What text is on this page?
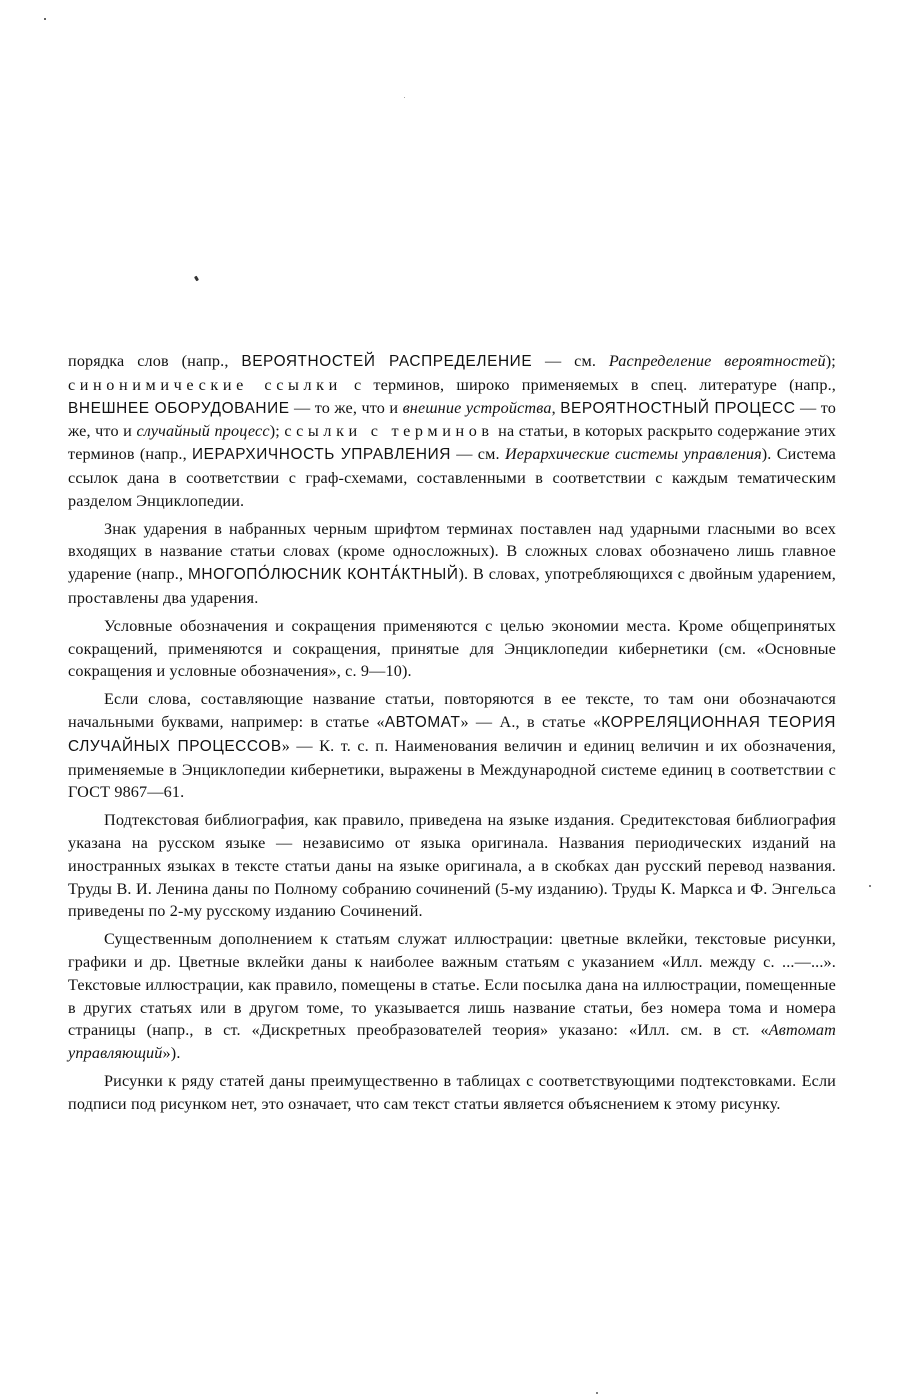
порядка слов (напр., ВЕРОЯТНОСТЕЙ РАСПРЕДЕЛЕНИЕ — см. Распределение вероятностей); синонимические ссылки с терминов, широко применяемых в спец. литературе (напр., ВНЕШНЕЕ ОБОРУДОВАНИЕ — то же, что и внешние устройства, ВЕРОЯТНОСТНЫЙ ПРОЦЕСС — то же, что и случайный процесс); ссылки с терминов на статьи, в которых раскрыто содержание этих терминов (напр., ИЕРАРХИЧНОСТЬ УПРАВЛЕНИЯ — см. Иерархические системы управления). Система ссылок дана в соответствии с граф-схемами, составленными в соответствии с каждым тематическим разделом Энциклопедии.

Знак ударения в набранных черным шрифтом терминах поставлен над ударными гласными во всех входящих в название статьи словах (кроме односложных). В сложных словах обозначено лишь главное ударение (напр., МНОГОПО́ЛЮСНИК КОНТА́КТНЫЙ). В словах, употребляющихся с двойным ударением, проставлены два ударения.

Условные обозначения и сокращения применяются с целью экономии места. Кроме общепринятых сокращений, применяются и сокращения, принятые для Энциклопедии кибернетики (см. «Основные сокращения и условные обозначения», с. 9—10).

Если слова, составляющие название статьи, повторяются в ее тексте, то там они обозначаются начальными буквами, например: в статье «АВТОМАТ» — А., в статье «КОРРЕЛЯЦИОННАЯ ТЕОРИЯ СЛУЧАЙНЫХ ПРОЦЕССОВ» — К. т. с. п. Наименования величин и единиц величин и их обозначения, применяемые в Энциклопедии кибернетики, выражены в Международной системе единиц в соответствии с ГОСТ 9867—61.

Подтекстовая библиография, как правило, приведена на языке издания. Средитекстовая библиография указана на русском языке — независимо от языка оригинала. Названия периодических изданий на иностранных языках в тексте статьи даны на языке оригинала, а в скобках дан русский перевод названия. Труды В. И. Ленина даны по Полному собранию сочинений (5-му изданию). Труды К. Маркса и Ф. Энгельса приведены по 2-му русскому изданию Сочинений.

Существенным дополнением к статьям служат иллюстрации: цветные вклейки, текстовые рисунки, графики и др. Цветные вклейки даны к наиболее важным статьям с указанием «Илл. между с. ...—...». Текстовые иллюстрации, как правило, помещены в статье. Если посылка дана на иллюстрации, помещенные в других статьях или в другом томе, то указывается лишь название статьи, без номера тома и номера страницы (напр., в ст. «Дискретных преобразователей теория» указано: «Илл. см. в ст. «Автомат управляющий»).

Рисунки к ряду статей даны преимущественно в таблицах с соответствующими подтекстовками. Если подписи под рисунком нет, это означает, что сам текст статьи является объяснением к этому рисунку.
